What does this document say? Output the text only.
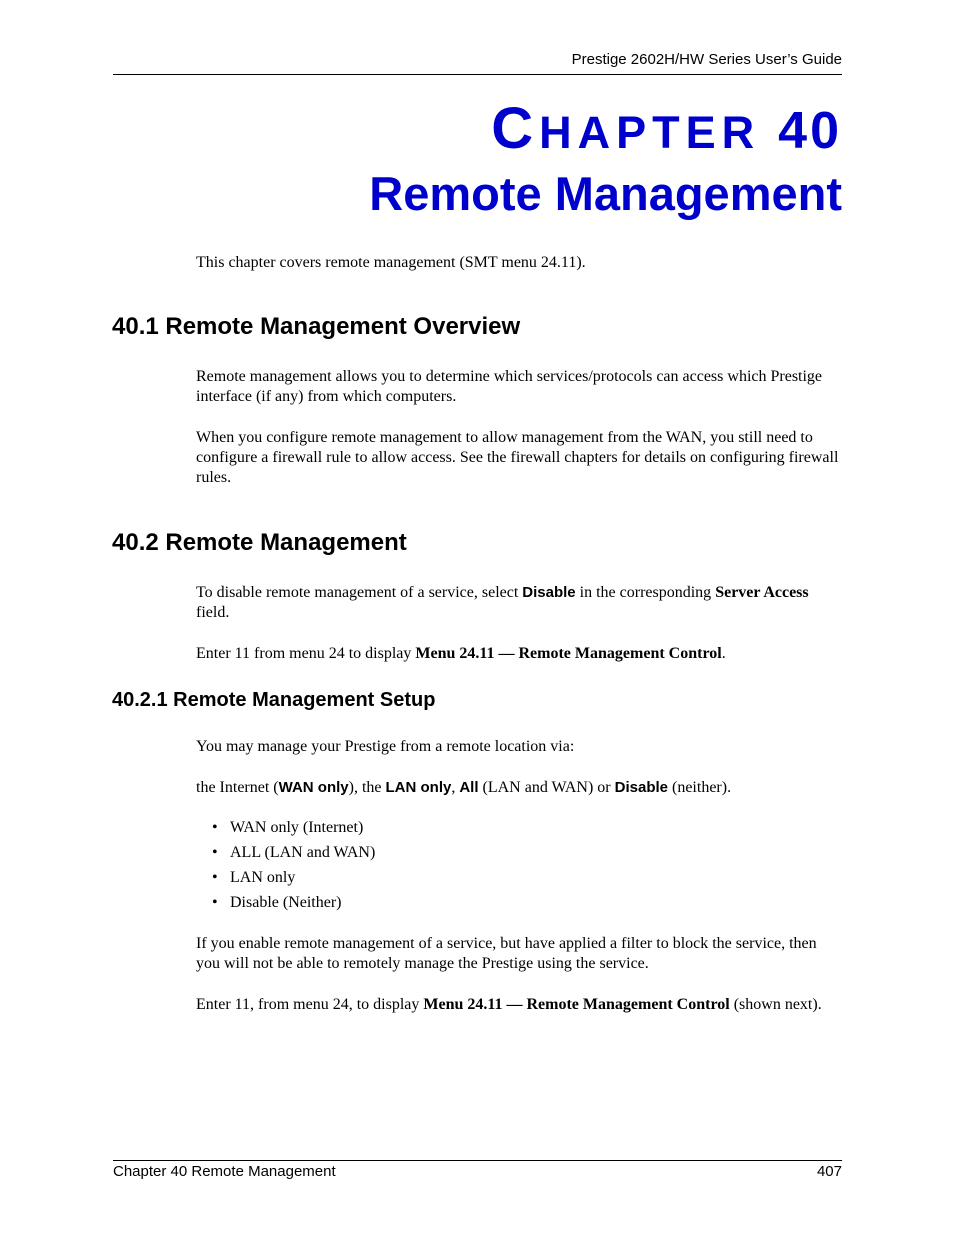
Prestige 2602H/HW Series User’s Guide
CHAPTER 40
Remote Management
This chapter covers remote management (SMT menu 24.11).
40.1 Remote Management Overview
Remote management allows you to determine which services/protocols can access which Prestige interface (if any) from which computers.
When you configure remote management to allow management from the WAN, you still need to configure a firewall rule to allow access. See the firewall chapters for details on configuring firewall rules.
40.2 Remote Management
To disable remote management of a service, select Disable in the corresponding Server Access field.
Enter 11 from menu 24 to display Menu 24.11 — Remote Management Control.
40.2.1 Remote Management Setup
You may manage your Prestige from a remote location via:
the Internet (WAN only), the LAN only, All (LAN and WAN) or Disable (neither).
• WAN only (Internet)
• ALL (LAN and WAN)
• LAN only
• Disable (Neither)
If you enable remote management of a service, but have applied a filter to block the service, then you will not be able to remotely manage the Prestige using the service.
Enter 11, from menu 24, to display Menu 24.11 — Remote Management Control (shown next).
Chapter 40 Remote Management	407
